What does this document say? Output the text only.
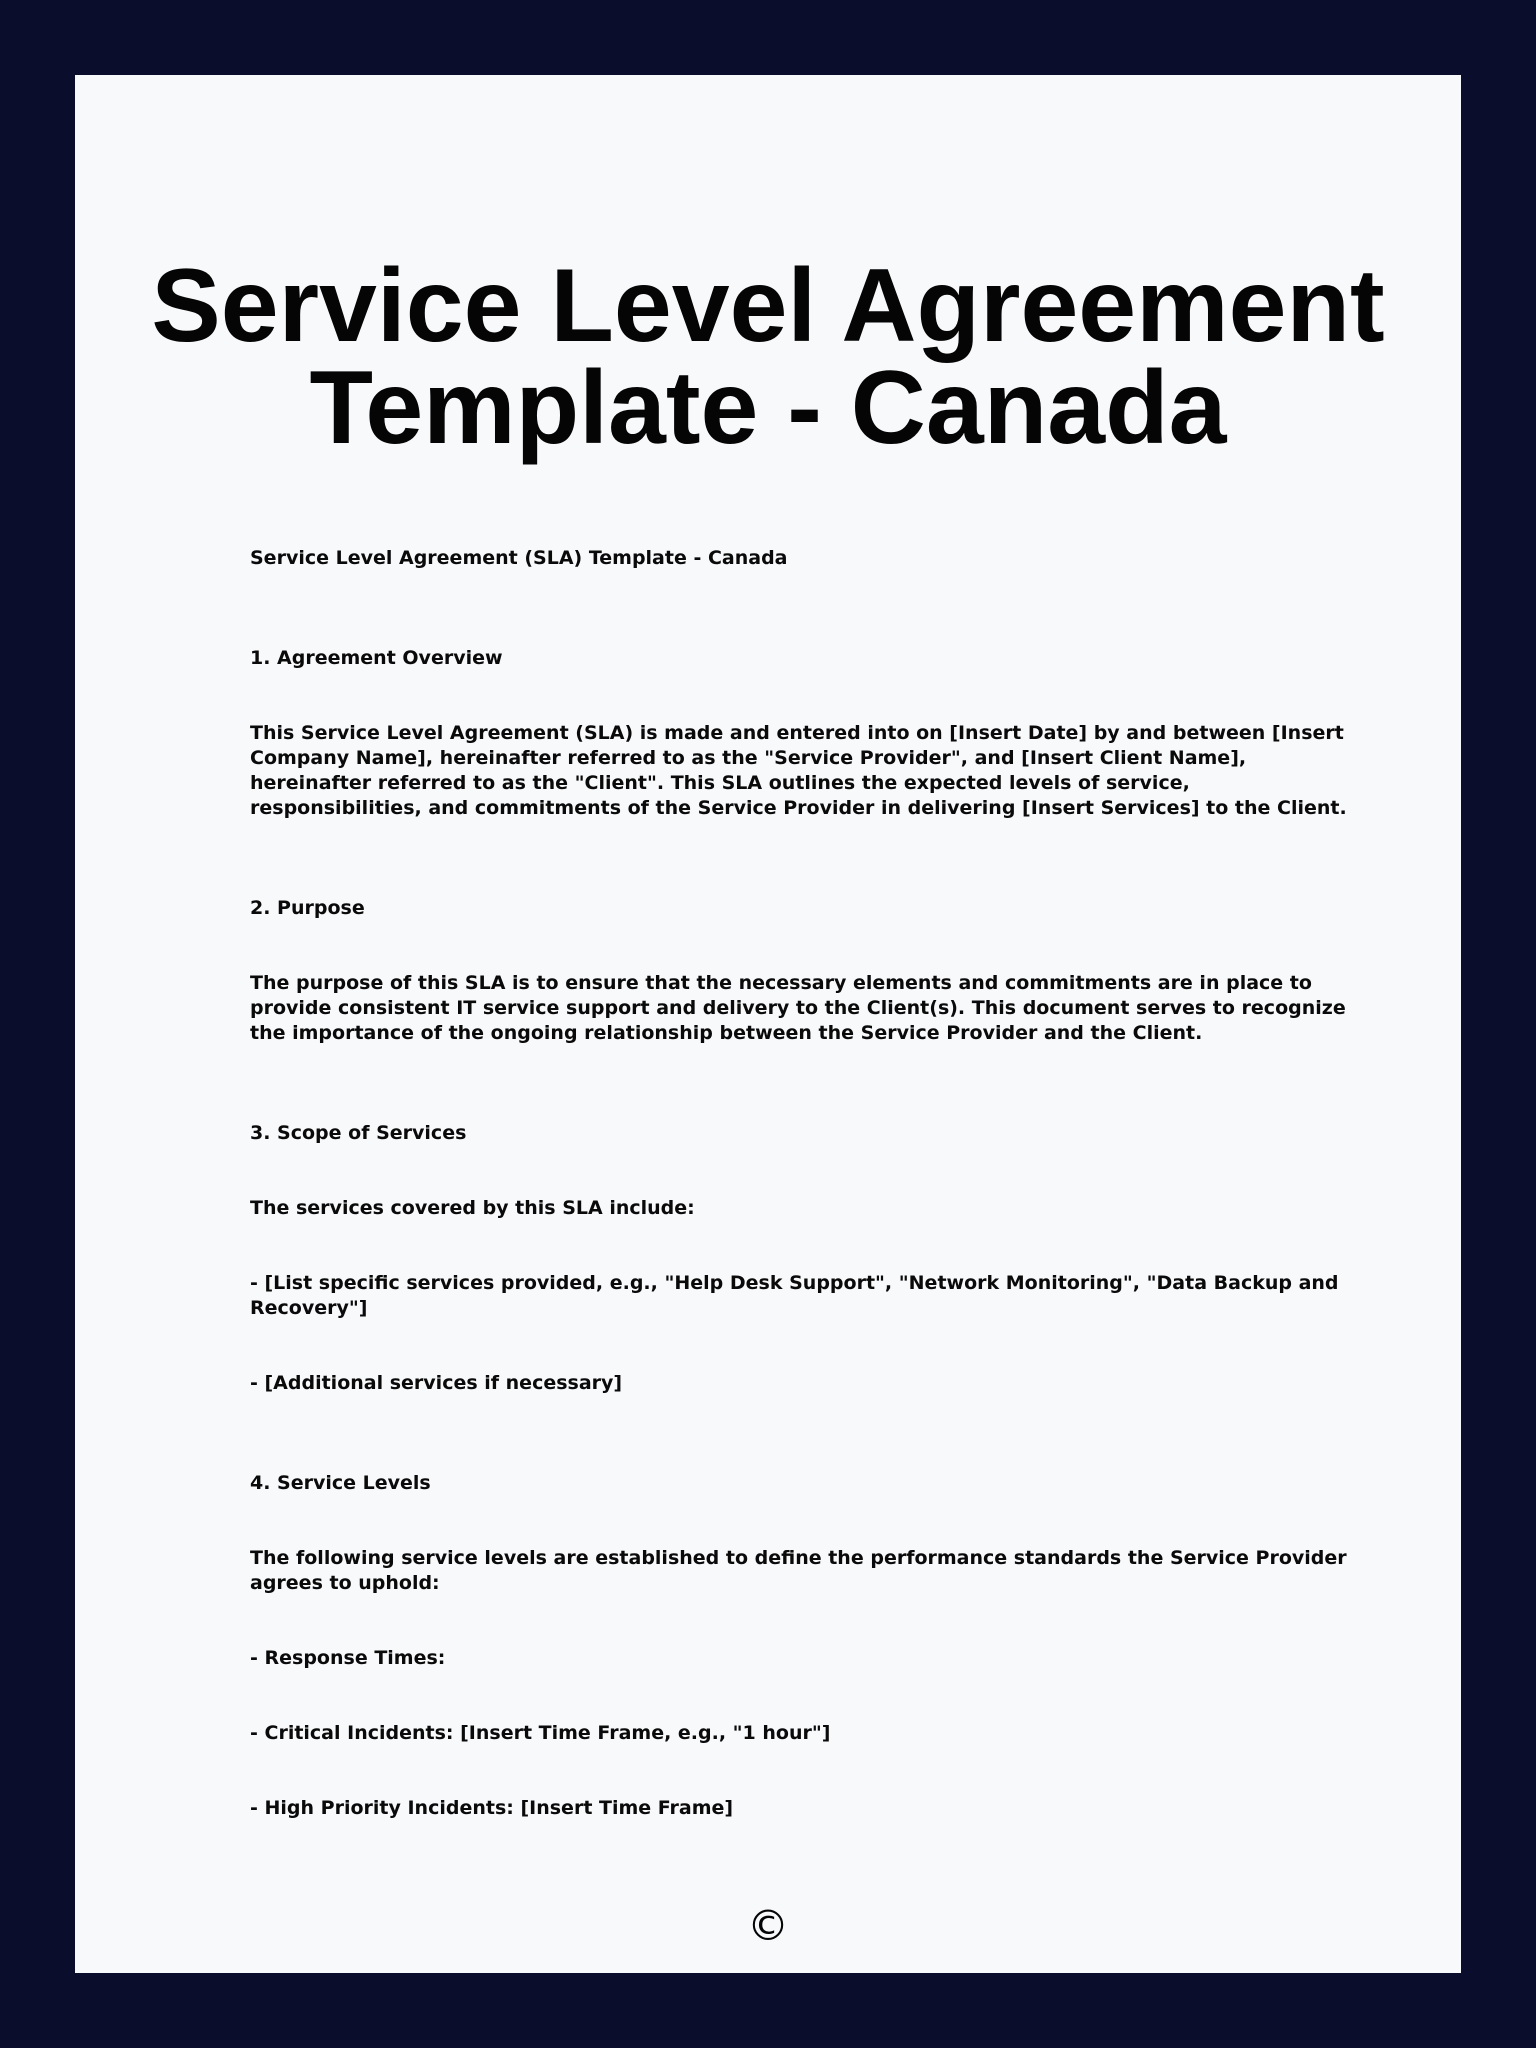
Service Level Agreement Template - Canada

Service Level Agreement (SLA) Template - Canada

1. Agreement Overview

This Service Level Agreement (SLA) is made and entered into on [Insert Date] by and between [Insert Company Name], hereinafter referred to as the "Service Provider", and [Insert Client Name], hereinafter referred to as the "Client". This SLA outlines the expected levels of service, responsibilities, and commitments of the Service Provider in delivering [Insert Services] to the Client.

2. Purpose

The purpose of this SLA is to ensure that the necessary elements and commitments are in place to provide consistent IT service support and delivery to the Client(s). This document serves to recognize the importance of the ongoing relationship between the Service Provider and the Client.

3. Scope of Services

The services covered by this SLA include:

- [List specific services provided, e.g., "Help Desk Support", "Network Monitoring", "Data Backup and Recovery"]

- [Additional services if necessary]

4. Service Levels

The following service levels are established to define the performance standards the Service Provider agrees to uphold:

- Response Times:

- Critical Incidents: [Insert Time Frame, e.g., "1 hour"]

- High Priority Incidents: [Insert Time Frame]

©
